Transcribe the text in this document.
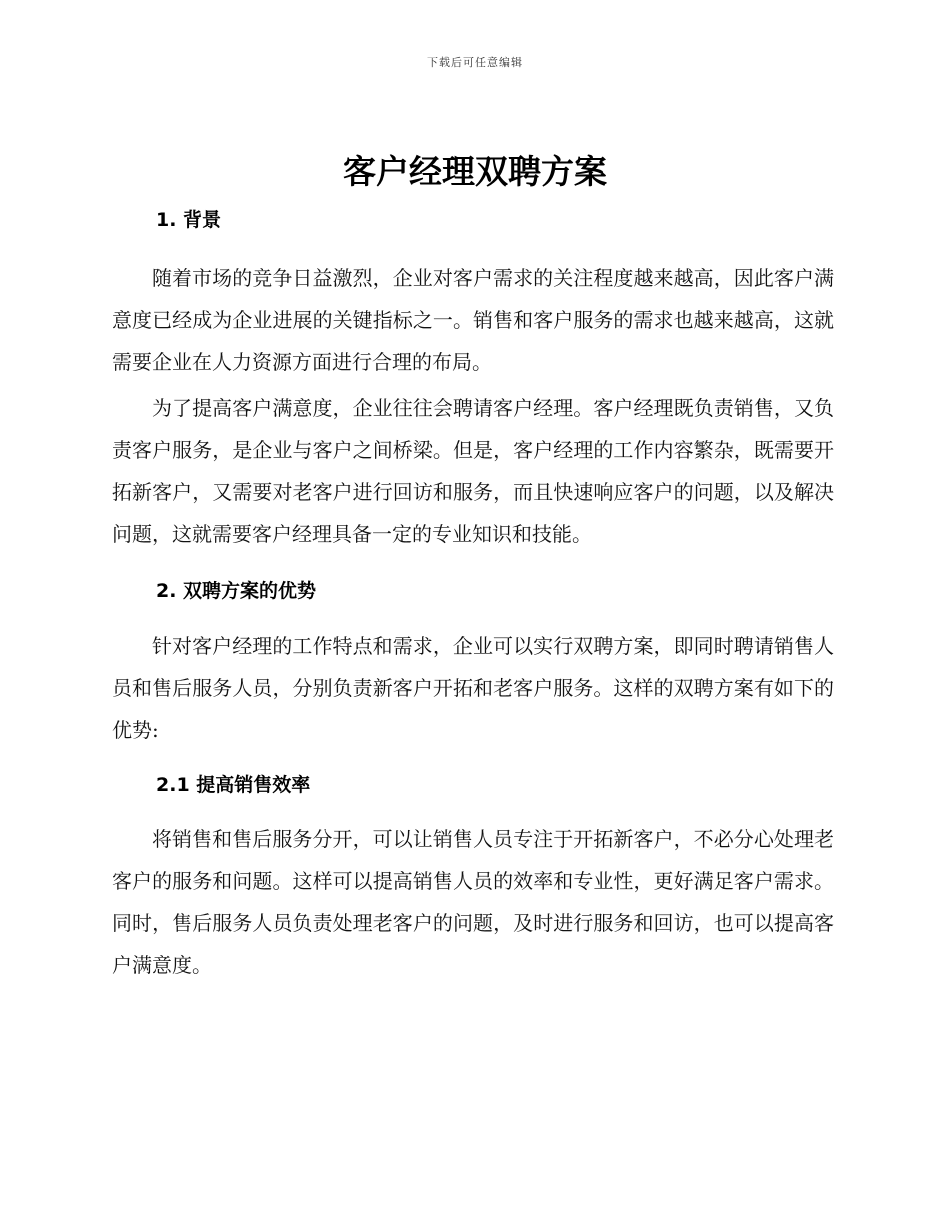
下载后可任意编辑
客户经理双聘方案
1. 背景

随着市场的竞争日益激烈，企业对客户需求的关注程度越来越高，因此客户满意度已经成为企业进展的关键指标之一。销售和客户服务的需求也越来越高，这就需要企业在人力资源方面进行合理的布局。

为了提高客户满意度，企业往往会聘请客户经理。客户经理既负责销售，又负责客户服务，是企业与客户之间桥梁。但是，客户经理的工作内容繁杂，既需要开拓新客户，又需要对老客户进行回访和服务，而且快速响应客户的问题，以及解决问题，这就需要客户经理具备一定的专业知识和技能。

2. 双聘方案的优势

针对客户经理的工作特点和需求，企业可以实行双聘方案，即同时聘请销售人员和售后服务人员，分别负责新客户开拓和老客户服务。这样的双聘方案有如下的优势:

2.1 提高销售效率

将销售和售后服务分开，可以让销售人员专注于开拓新客户，不必分心处理老客户的服务和问题。这样可以提高销售人员的效率和专业性，更好满足客户需求。同时，售后服务人员负责处理老客户的问题，及时进行服务和回访，也可以提高客户满意度。
